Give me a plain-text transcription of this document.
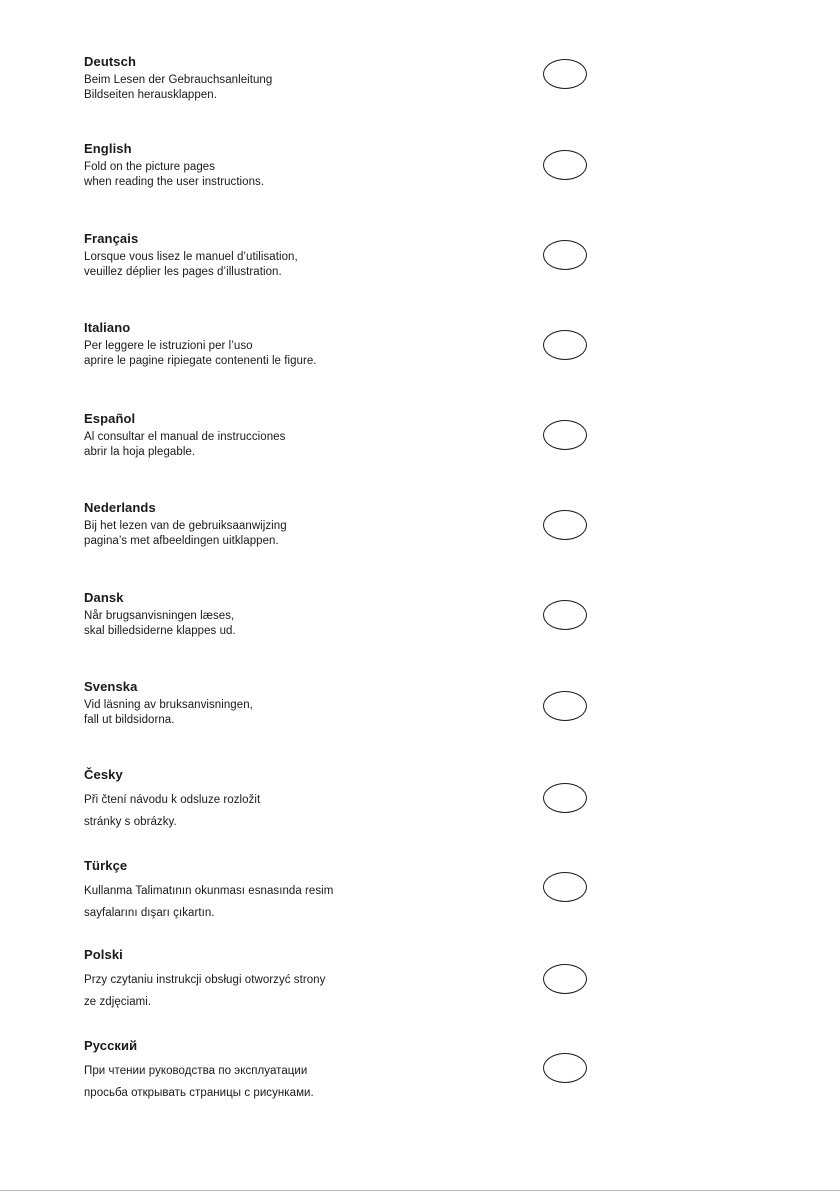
Deutsch
Beim Lesen der Gebrauchsanleitung
Bildseiten herausklappen.
English
Fold on the picture pages
when reading the user instructions.
Français
Lorsque vous lisez le manuel d’utilisation,
veuillez déplier les pages d’illustration.
Italiano
Per leggere le istruzioni per l’uso
aprire le pagine ripiegate contenenti le figure.
Español
Al consultar el manual de instrucciones
abrir la hoja plegable.
Nederlands
Bij het lezen van de gebruiksaanwijzing
pagina’s met afbeeldingen uitklappen.
Dansk
Når brugsanvisningen læses,
skal billedsiderne klappes ud.
Svenska
Vid läsning av bruksanvisningen,
fall ut bildsidorna.
Česky
Při čtení návodu k odsluze rozložit
stránky s obrázky.
Türkçe
Kullanma Talimatının okunması esnasında resim
sayfalarını dışarı çıkartın.
Polski
Przy czytaniu instrukcji obsługi otworzyć strony
ze zdjęciami.
Русский
При чтении руководства по эксплуатации
просьба открывать страницы с рисунками.
